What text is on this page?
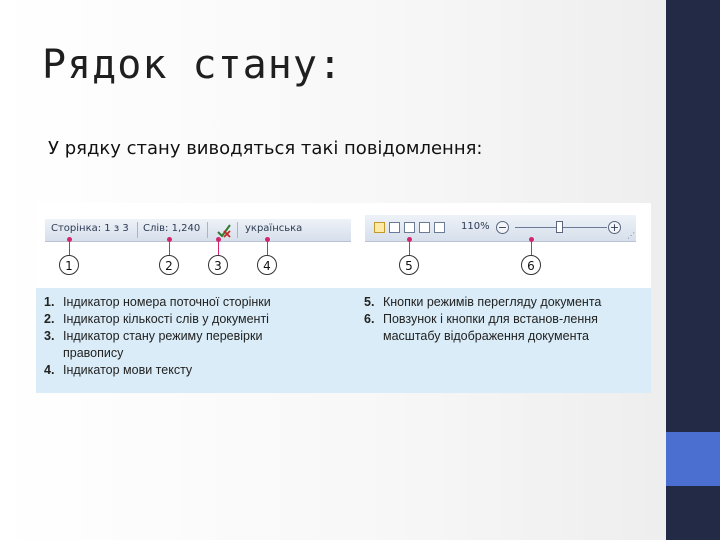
Рядок стану:
У рядку стану виводяться такі повідомлення:
Сторінка: 1 з 3 Слів: 1,240	українська	110% −	+
⋰
1	2	3	4	5	6
1. Індикатор номера поточної сторінки
2. Індикатор кількості слів у документі
3. Індикатор стану режиму перевірки правопису
4. Індикатор мови тексту
5. Кнопки режимів перегляду документа
6. Повзунок і кнопки для встанов-лення масштабу відображення документа
